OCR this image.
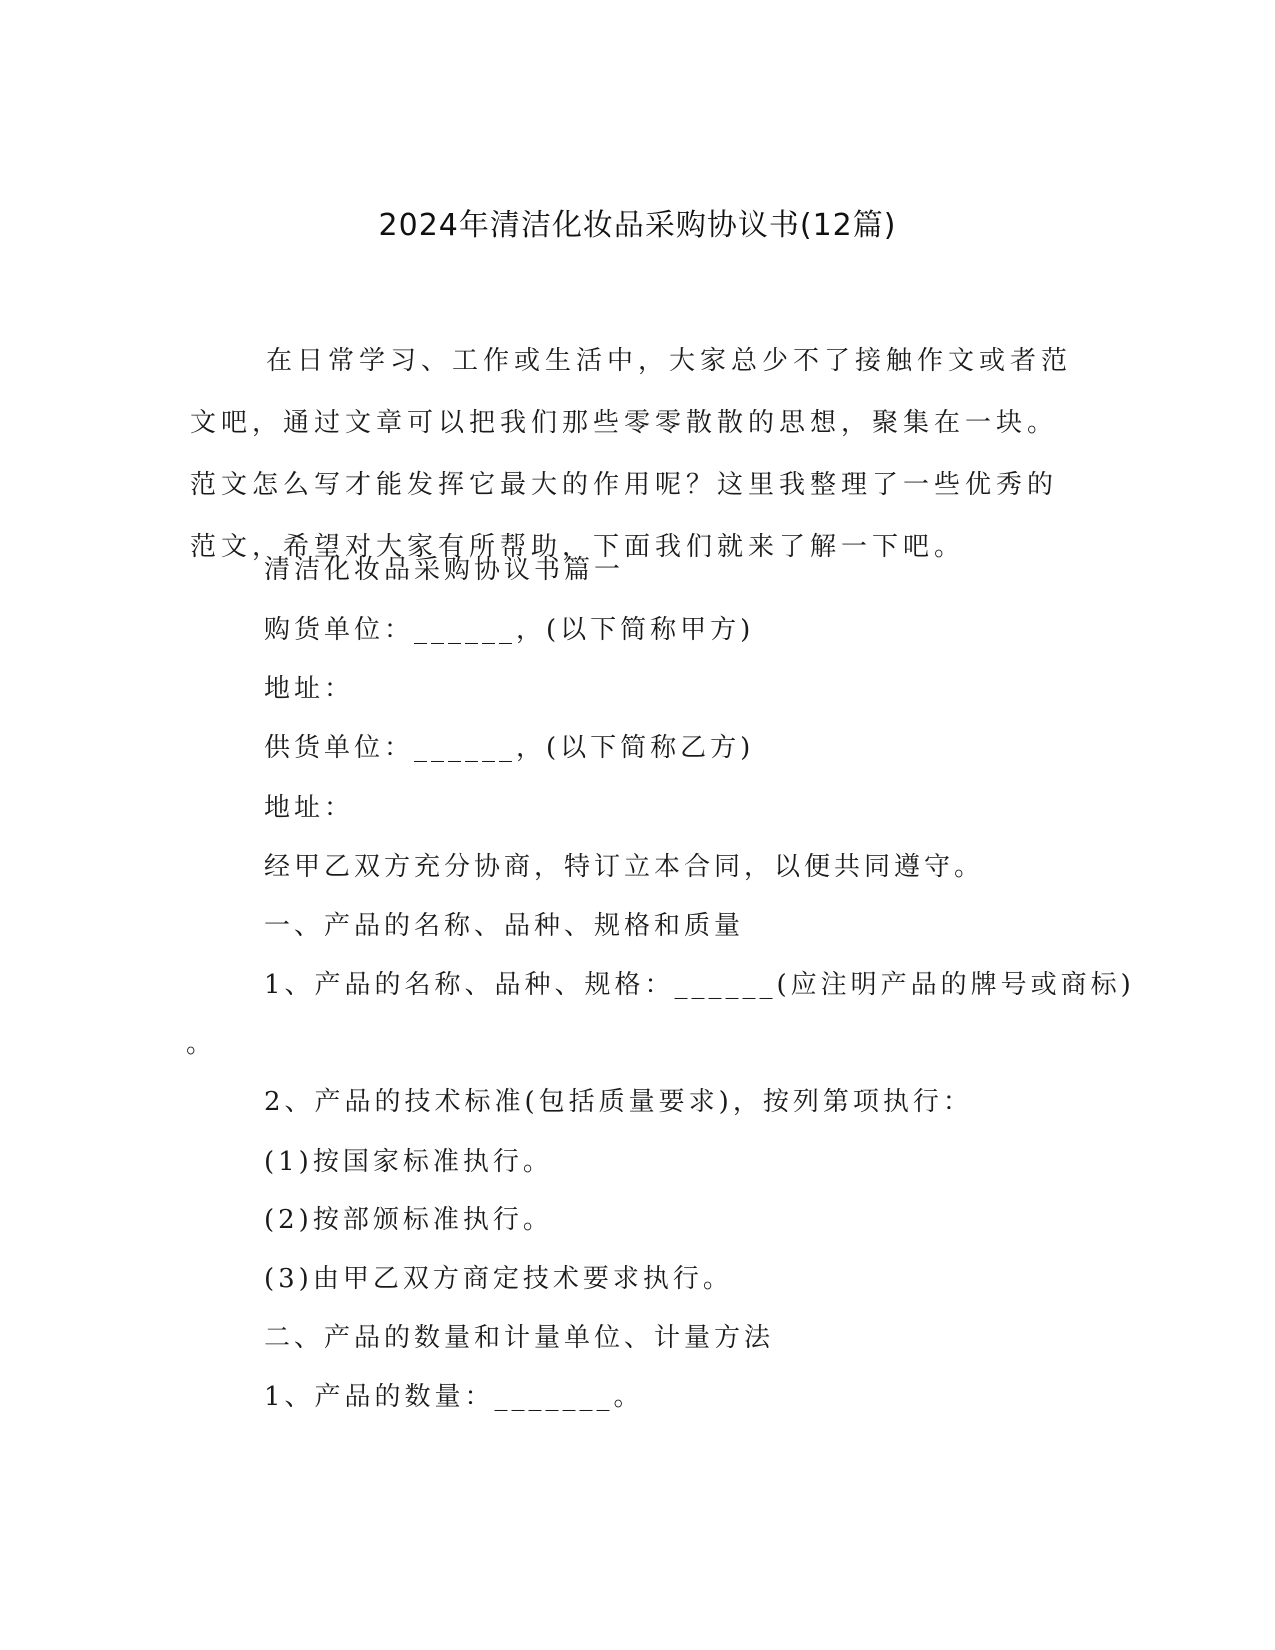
2024年清洁化妆品采购协议书(12篇)

在日常学习、工作或生活中，大家总少不了接触作文或者范文吧，通过文章可以把我们那些零零散散的思想，聚集在一块。范文怎么写才能发挥它最大的作用呢？这里我整理了一些优秀的范文，希望对大家有所帮助，下面我们就来了解一下吧。

清洁化妆品采购协议书篇一

购货单位：______，(以下简称甲方)

地址：

供货单位：______，(以下简称乙方)

地址：

经甲乙双方充分协商，特订立本合同，以便共同遵守。

一、产品的名称、品种、规格和质量

1、产品的名称、品种、规格：______(应注明产品的牌号或商标)

。

2、产品的技术标准(包括质量要求)，按列第项执行：

(1)按国家标准执行。

(2)按部颁标准执行。

(3)由甲乙双方商定技术要求执行。

二、产品的数量和计量单位、计量方法

1、产品的数量：_______。
